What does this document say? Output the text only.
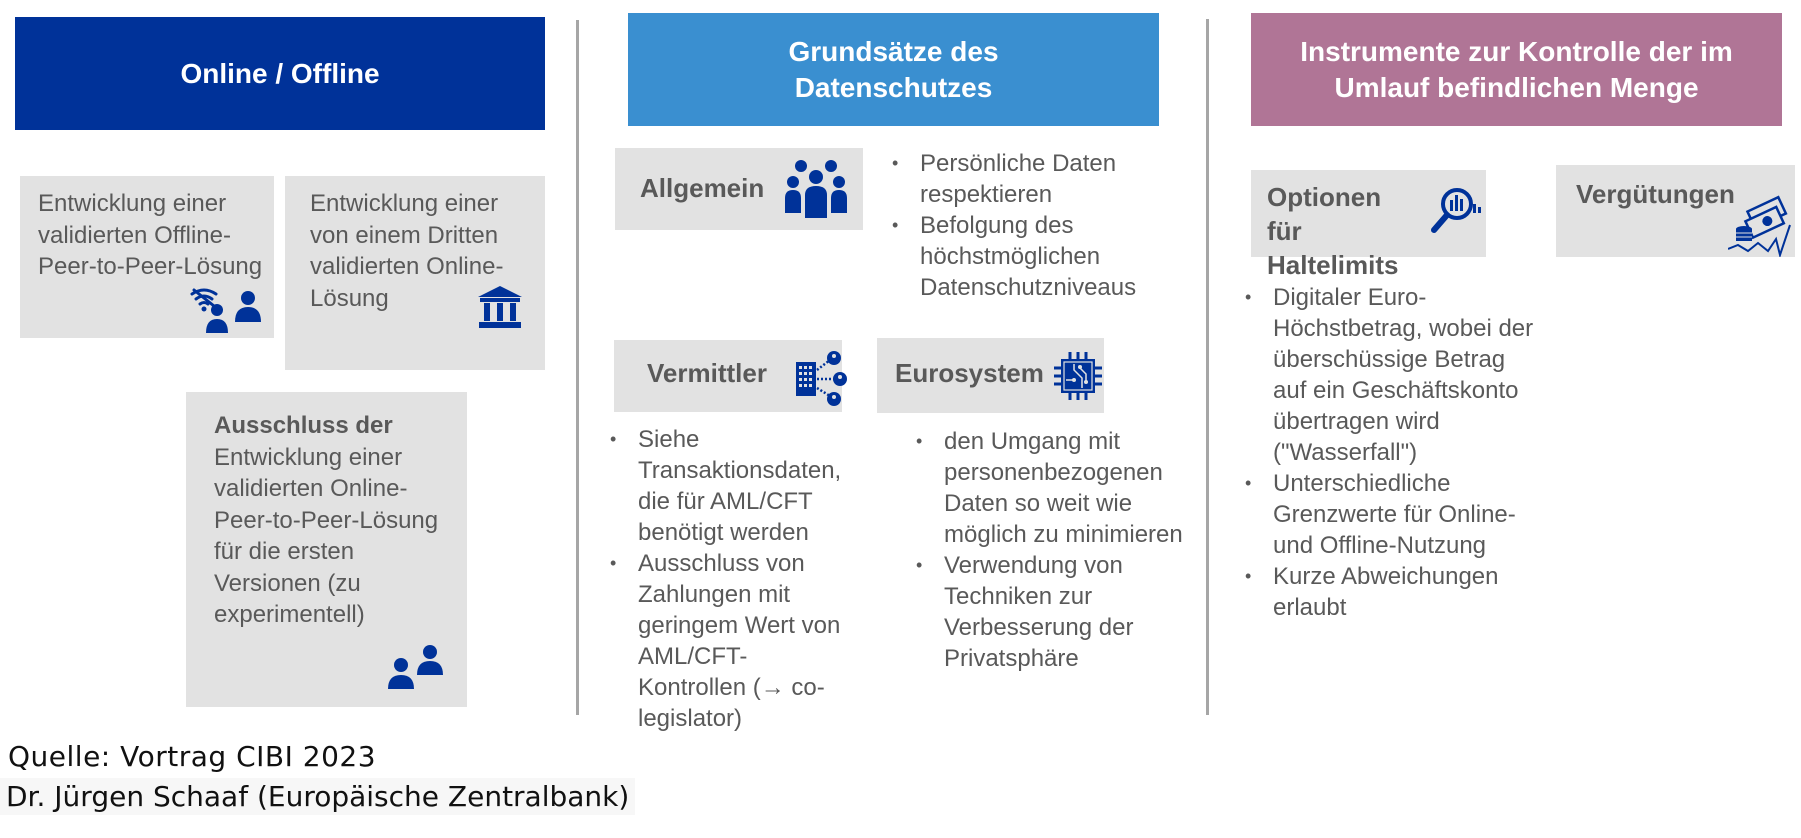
Online / Offline
Grundsätze des Datenschutzes
Instrumente zur Kontrolle der im Umlauf befindlichen Menge
Entwicklung einer validierten Offline-Peer-to-Peer-Lösung
Entwicklung einer von einem Dritten validierten Online-Lösung
Ausschluss der Entwicklung einer validierten Online-Peer-to-Peer-Lösung für die ersten Versionen (zu experimentell)
Allgemein
• Persönliche Daten respektieren
• Befolgung des höchstmöglichen Datenschutzniveaus
Vermittler
• Siehe Transaktionsdaten, die für AML/CFT benötigt werden
• Ausschluss von Zahlungen mit geringem Wert von AML/CFT-Kontrollen (→ co-legislator)
Eurosystem
• den Umgang mit personenbezogenen Daten so weit wie möglich zu minimieren
• Verwendung von Techniken zur Verbesserung der Privatsphäre
Optionen für Haltelimits
Vergütungen
• Digitaler Euro-Höchstbetrag, wobei der überschüssige Betrag auf ein Geschäftskonto übertragen wird ("Wasserfall")
• Unterschiedliche Grenzwerte für Online- und Offline-Nutzung
• Kurze Abweichungen erlaubt
Quelle: Vortrag CIBI 2023
Dr. Jürgen Schaaf (Europäische Zentralbank)
